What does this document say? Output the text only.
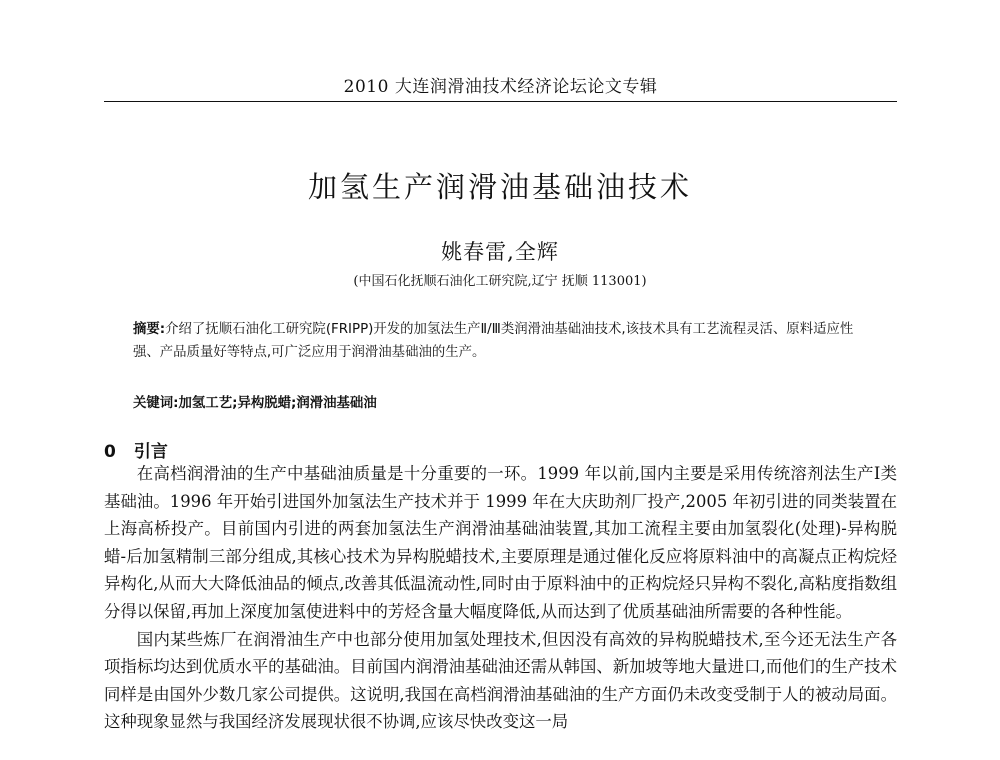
2010 大连润滑油技术经济论坛论文专辑
加氢生产润滑油基础油技术
姚春雷,全辉
(中国石化抚顺石油化工研究院,辽宁 抚顺 113001)

摘要:介绍了抚顺石油化工研究院(FRIPP)开发的加氢法生产Ⅱ/Ⅲ类润滑油基础油技术,该技术具有工艺流程灵活、原料适应性强、产品质量好等特点,可广泛应用于润滑油基础油的生产。

关键词:加氢工艺;异构脱蜡;润滑油基础油

0 引言

在高档润滑油的生产中基础油质量是十分重要的一环。1999 年以前,国内主要是采用传统溶剂法生产Ⅰ类基础油。1996 年开始引进国外加氢法生产技术并于 1999 年在大庆助剂厂投产,2005 年初引进的同类装置在上海高桥投产。目前国内引进的两套加氢法生产润滑油基础油装置,其加工流程主要由加氢裂化(处理)-异构脱蜡-后加氢精制三部分组成,其核心技术为异构脱蜡技术,主要原理是通过催化反应将原料油中的高凝点正构烷烃异构化,从而大大降低油品的倾点,改善其低温流动性,同时由于原料油中的正构烷烃只异构不裂化,高粘度指数组分得以保留,再加上深度加氢使进料中的芳烃含量大幅度降低,从而达到了优质基础油所需要的各种性能。

国内某些炼厂在润滑油生产中也部分使用加氢处理技术,但因没有高效的异构脱蜡技术,至今还无法生产各项指标均达到优质水平的基础油。目前国内润滑油基础油还需从韩国、新加坡等地大量进口,而他们的生产技术同样是由国外少数几家公司提供。这说明,我国在高档润滑油基础油的生产方面仍未改变受制于人的被动局面。这种现象显然与我国经济发展现状很不协调,应该尽快改变这一局
